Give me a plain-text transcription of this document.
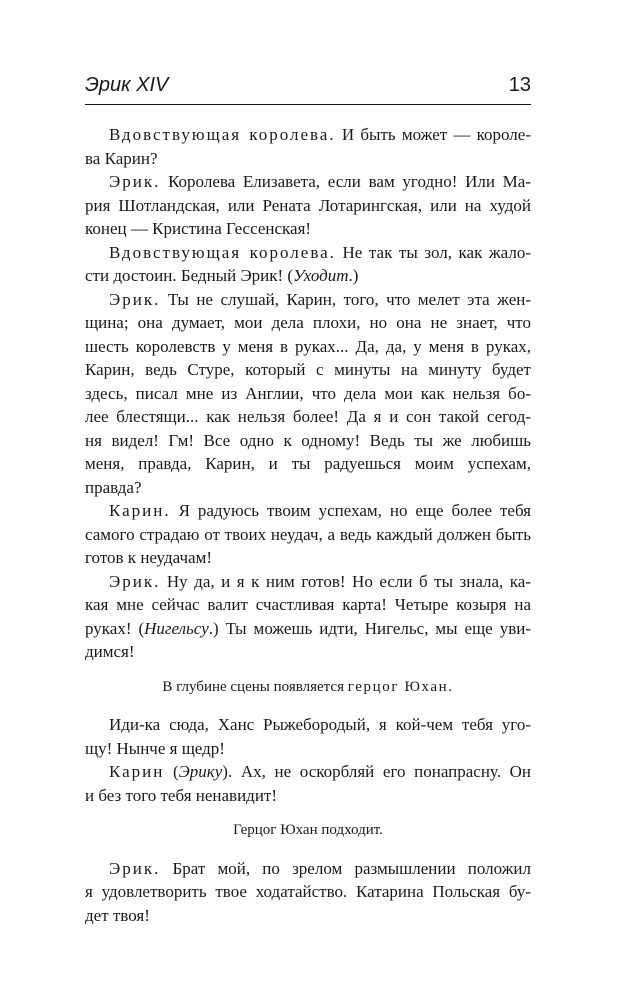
Эрик XIV	13
Вдовствующая королева. И быть может — короле-
ва Карин?
Эрик. Королева Елизавета, если вам угодно! Или Ма-
рия Шотландская, или Рената Лотарингская, или на худой
конец — Кристина Гессенская!
Вдовствующая королева. Не так ты зол, как жало-
сти достоин. Бедный Эрик! (Уходит.)
Эрик. Ты не слушай, Карин, того, что мелет эта жен-
щина; она думает, мои дела плохи, но она не знает, что
шесть королевств у меня в руках... Да, да, у меня в руках,
Карин, ведь Стуре, который с минуты на минуту будет
здесь, писал мне из Англии, что дела мои как нельзя бо-
лее блестящи... как нельзя более! Да я и сон такой сегод-
ня видел! Гм! Все одно к одному! Ведь ты же любишь
меня, правда, Карин, и ты радуешься моим успехам,
правда?
Карин. Я радуюсь твоим успехам, но еще более тебя
самого страдаю от твоих неудач, а ведь каждый должен быть
готов к неудачам!
Эрик. Ну да, и я к ним готов! Но если б ты знала, ка-
кая мне сейчас валит счастливая карта! Четыре козыря на
руках! (Нигельсу.) Ты можешь идти, Нигельс, мы еще уви-
димся!
В глубине сцены появляется герцог Юхан.
Иди-ка сюда, Ханс Рыжебородый, я кой-чем тебя уго-
щу! Нынче я щедр!
Карин (Эрику). Ах, не оскорбляй его понапрасну. Он
и без того тебя ненавидит!
Герцог Юхан подходит.
Эрик. Брат мой, по зрелом размышлении положил
я удовлетворить твое ходатайство. Катарина Польская бу-
дет твоя!
